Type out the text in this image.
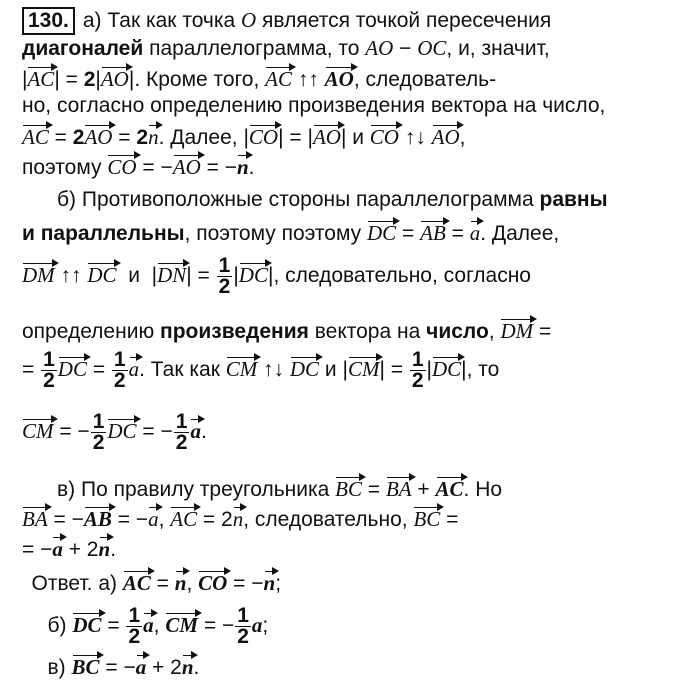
130. а) Так как точка O является точкой пересечения
диагоналей параллелограмма, то AO − OC, и, значит,
|AC| = 2|AO|. Кроме того, AC ↑↑ AO, следователь-
но, согласно определению произведения вектора на число,
AC = 2AO = 2n. Далее, |CO| = |AO| и CO ↑↓ AO,
поэтому CO = −AO = −n.
б) Противоположные стороны параллелограмма равны
и параллельны, поэтому поэтому DC = AB = a. Далее,
DM ↑↑ DC  и  $|DN| = \frac{1}{2} |DC|$, следовательно, согласно
определению произведения вектора на число, DM =
= $\frac{1}{2}$ DC = $\frac{1}{2} a$. Так как CM ↑↓ DC и $|CM| = \frac{1}{2} |DC|$, то
CM = − $\frac{1}{2}$ DC = − $\frac{1}{2} a$.
в) По правилу треугольника BC = BA + AC. Но
BA = −AB = −a, AC = 2n, следовательно, BC =
= −a + 2n.
Ответ. а) AC = n, CO = −n;
б) DC = $\frac{1}{2} a$, CM = − $\frac{1}{2} a$;
в) BC = −a + 2n.
